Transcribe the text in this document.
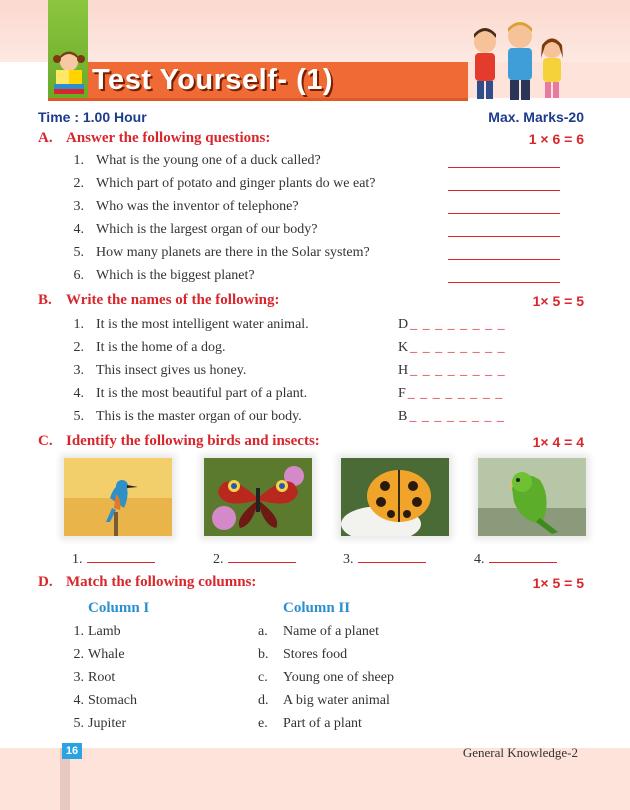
Test Yourself- (1)
Time : 1.00 Hour	Max. Marks-20
A. Answer the following questions:	1 × 6 = 6
1. What is the young one of a duck called?
2. Which part of potato and ginger plants do we eat?
3. Who was the inventor of telephone?
4. Which is the largest organ of our body?
5. How many planets are there in the Solar system?
6. Which is the biggest planet?
B. Write the names of the following:	1× 5 = 5
1. It is the most intelligent water animal.	D _ _ _ _ _ _ _ _
2. It is the home of a dog.	K _ _ _ _ _ _ _ _
3. This insect gives us honey.	H _ _ _ _ _ _ _ _
4. It is the most beautiful part of a plant.	F _ _ _ _ _ _ _ _
5. This is the master organ of our body.	B _ _ _ _ _ _ _ _
C. Identify the following birds and insects:	1× 4 = 4
1.	2.	3.	4.
D. Match the following columns:	1× 5 = 5
Column I	Column II
1. Lamb	a. Name of a planet
2. Whale	b. Stores food
3. Root	c. Young one of sheep
4. Stomach	d. A big water animal
5. Jupiter	e. Part of a plant
16	General Knowledge-2
